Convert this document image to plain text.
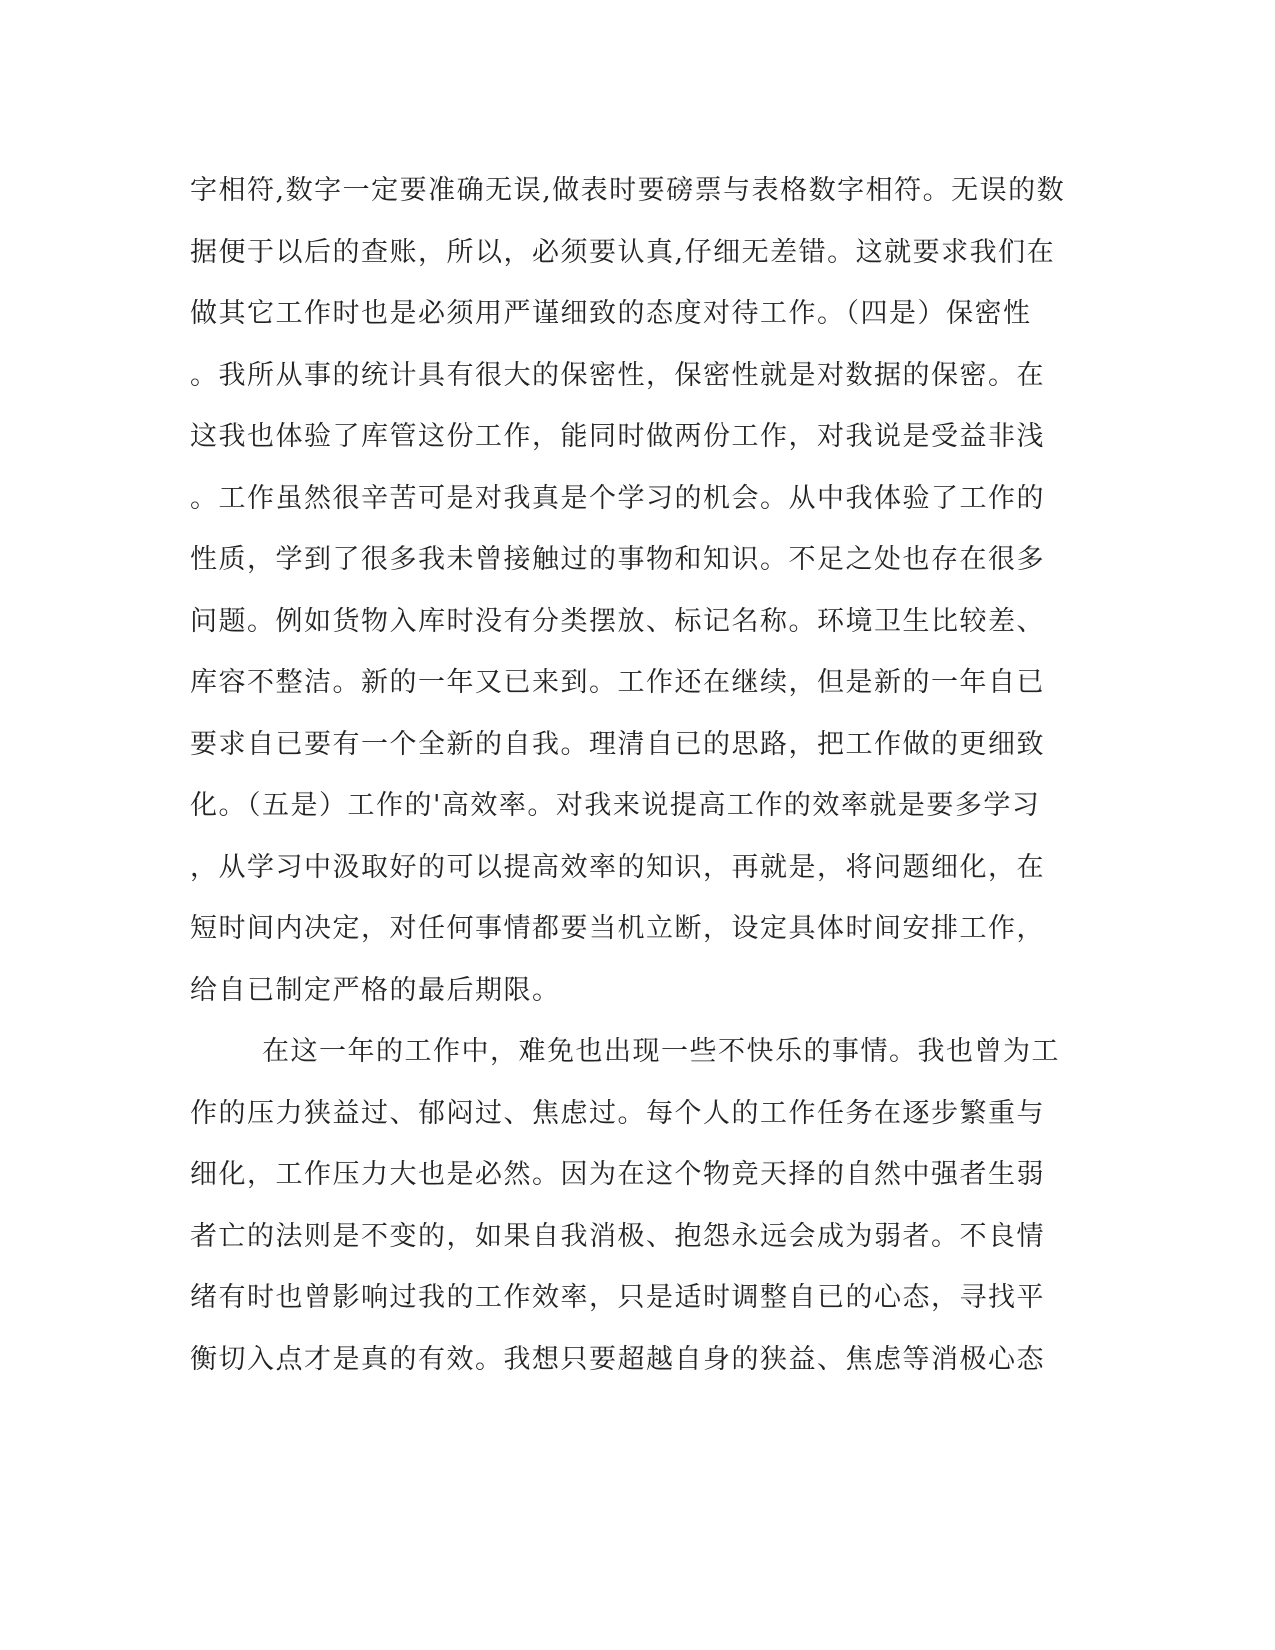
字相符,数字一定要准确无误,做表时要磅票与表格数字相符。无误的数
据便于以后的查账，所以，必须要认真,仔细无差错。这就要求我们在
做其它工作时也是必须用严谨细致的态度对待工作。（四是）保密性
。我所从事的统计具有很大的保密性，保密性就是对数据的保密。在
这我也体验了库管这份工作，能同时做两份工作，对我说是受益非浅
。工作虽然很辛苦可是对我真是个学习的机会。从中我体验了工作的
性质，学到了很多我未曾接触过的事物和知识。不足之处也存在很多
问题。例如货物入库时没有分类摆放、标记名称。环境卫生比较差、
库容不整洁。新的一年又已来到。工作还在继续，但是新的一年自已
要求自已要有一个全新的自我。理清自已的思路，把工作做的更细致
化。（五是）工作的'高效率。对我来说提高工作的效率就是要多学习
，从学习中汲取好的可以提高效率的知识，再就是，将问题细化，在
短时间内决定，对任何事情都要当机立断，设定具体时间安排工作，
给自已制定严格的最后期限。
在这一年的工作中，难免也出现一些不快乐的事情。我也曾为工
作的压力狭益过、郁闷过、焦虑过。每个人的工作任务在逐步繁重与
细化，工作压力大也是必然。因为在这个物竞天择的自然中强者生弱
者亡的法则是不变的，如果自我消极、抱怨永远会成为弱者。不良情
绪有时也曾影响过我的工作效率，只是适时调整自已的心态，寻找平
衡切入点才是真的有效。我想只要超越自身的狭益、焦虑等消极心态
